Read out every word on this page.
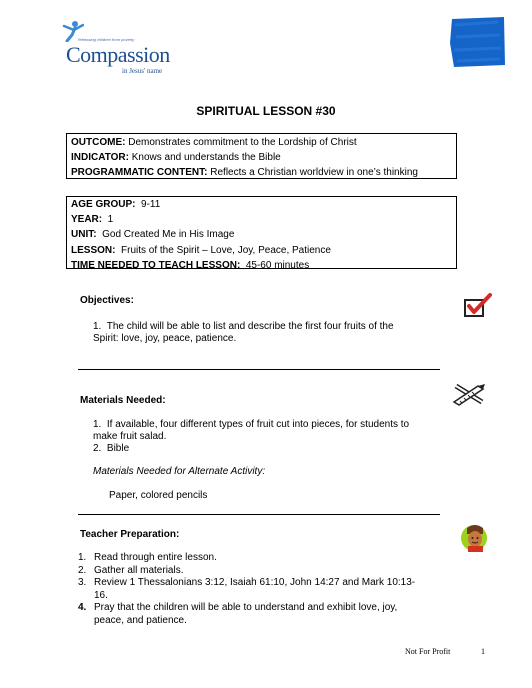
Releasing children from poverty
Compassion
in Jesus' name
SPIRITUAL LESSON #30
OUTCOME: Demonstrates commitment to the Lordship of Christ
INDICATOR: Knows and understands the Bible
PROGRAMMATIC CONTENT: Reflects a Christian worldview in one’s thinking
AGE GROUP:  9-11
YEAR:  1
UNIT:  God Created Me in His Image
LESSON:  Fruits of the Spirit – Love, Joy, Peace, Patience
TIME NEEDED TO TEACH LESSON:  45-60 minutes
Objectives:
1.  The child will be able to list and describe the first four fruits of the
Spirit: love, joy, peace, patience.
Materials Needed:
1.  If available, four different types of fruit cut into pieces, for students to
make fruit salad.
2.  Bible
Materials Needed for Alternate Activity:
Paper, colored pencils
Teacher Preparation:
1. Read through entire lesson.
2. Gather all materials.
3. Review 1 Thessalonians 3:12, Isaiah 61:10, John 14:27 and Mark 10:13-
16.
4. Pray that the children will be able to understand and exhibit love, joy,
peace, and patience.
Not For Profit	1
